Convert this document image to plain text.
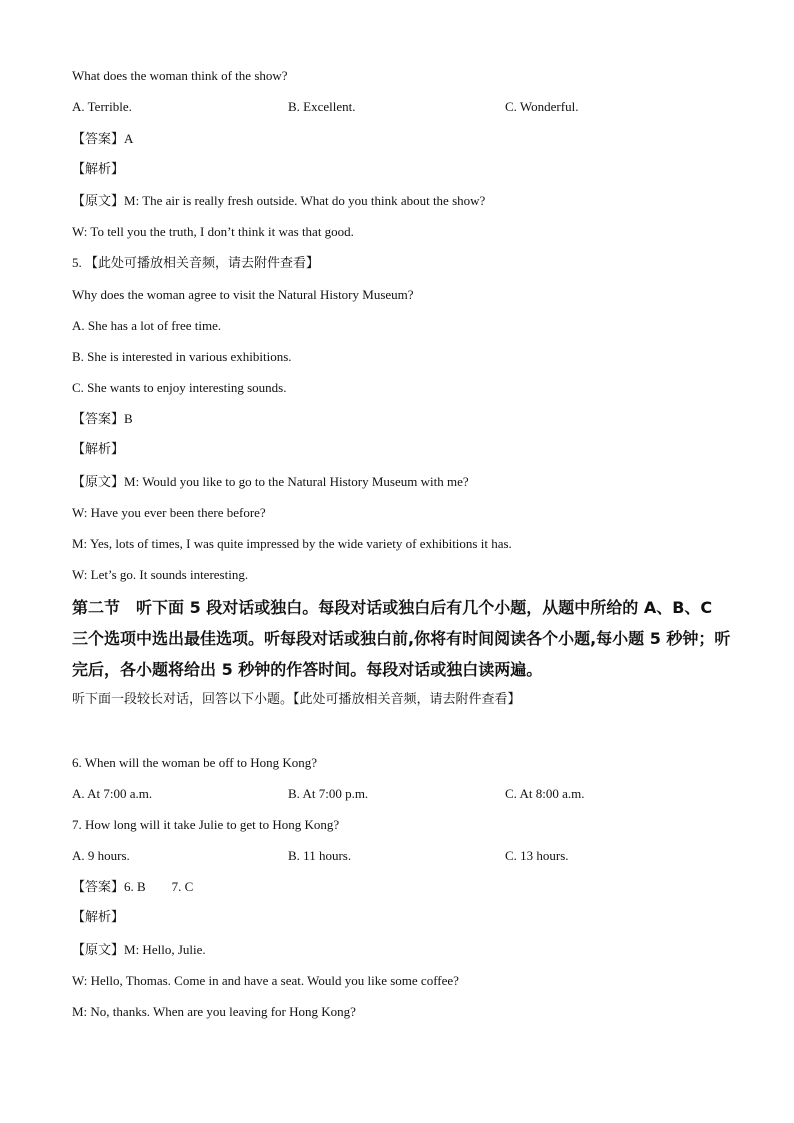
What does the woman think of the show?

A. Terrible.	B. Excellent.	C. Wonderful.

【答案】A

【解析】

【原文】M: The air is really fresh outside. What do you think about the show?

W: To tell you the truth, I don’t think it was that good.

5. 【此处可播放相关音频，请去附件查看】

Why does the woman agree to visit the Natural History Museum?

A. She has a lot of free time.

B. She is interested in various exhibitions.

C. She wants to enjoy interesting sounds.

【答案】B

【解析】

【原文】M: Would you like to go to the Natural History Museum with me?

W: Have you ever been there before?

M: Yes, lots of times, I was quite impressed by the wide variety of exhibitions it has.

W: Let’s go. It sounds interesting.

第二节　听下面 5 段对话或独白。每段对话或独白后有几个小题，从题中所给的 A、B、C 三个选项中选出最佳选项。听每段对话或独白前,你将有时间阅读各个小题,每小题 5 秒钟；听完后，各小题将给出 5 秒钟的作答时间。每段对话或独白读两遍。

听下面一段较长对话，回答以下小题。【此处可播放相关音频，请去附件查看】

6. When will the woman be off to Hong Kong?

A. At 7:00 a.m.	B. At 7:00 p.m.	C. At 8:00 a.m.

7. How long will it take Julie to get to Hong Kong?

A. 9 hours.	B. 11 hours.	C. 13 hours.

【答案】6. B　　7. C

【解析】

【原文】M: Hello, Julie.

W: Hello, Thomas. Come in and have a seat. Would you like some coffee?

M: No, thanks. When are you leaving for Hong Kong?
